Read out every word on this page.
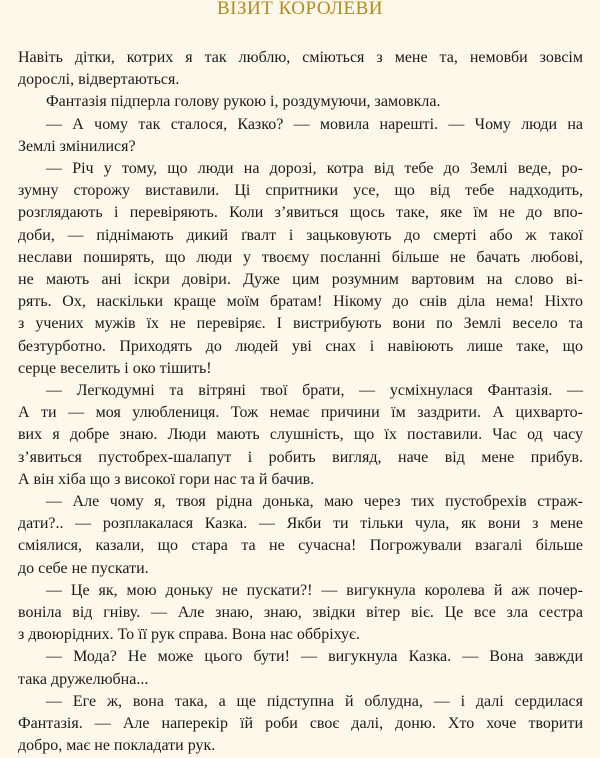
ВІЗИТ КОРОЛЕВИ

Навіть дітки, котрих я так люблю, сміються з мене та, немовби зовсім

дорослі, відвертаються.

Фантазія підперла голову рукою і, роздумуючи, замовкла.

— А чому так сталося, Казко? — мовила нарешті. — Чому люди на

Землі змінилися?

— Річ у тому, що люди на дорозі, котра від тебе до Землі веде, ро-

зумну сторожу виставили. Ці спритники усе, що від тебе надходить,

розглядають і перевіряють. Коли з’явиться щось таке, яке їм не до впо-

доби, — піднімають дикий ґвалт і зацьковують до смерті або ж такої

неслави поширять, що люди у твоєму посланні більше не бачать любові,

не мають ані іскри довіри. Дуже цим розумним вартовим на слово ві-

рять. Ох, наскільки краще моїм братам! Нікому до снів діла нема! Ніхто

з учених мужів їх не перевіряє. І вистрибують вони по Землі весело та

безтурботно. Приходять до людей уві снах і навіюють лише таке, що

серце веселить і око тішить!

— Легкодумні та вітряні твої брати, — усміхнулася Фантазія. —

А ти — моя улюблениця. Тож немає причини їм заздрити. А цихварто-

вих я добре знаю. Люди мають слушність, що їх поставили. Час од часу

з’явиться пустобрех-шалапут і робить вигляд, наче від мене прибув.

А він хіба що з високої гори нас та й бачив.

— Але чому я, твоя рідна донька, маю через тих пустобрехів страж-

дати?.. — розплакалася Казка. — Якби ти тільки чула, як вони з мене

сміялися, казали, що стара та не сучасна! Погрожували взагалі більше

до себе не пускати.

— Це як, мою доньку не пускати?! — вигукнула королева й аж почер-

воніла від гніву. — Але знаю, знаю, звідки вітер віє. Це все зла сестра

з двоюрідних. То її рук справа. Вона нас оббріхує.

— Мода? Не може цього бути! — вигукнула Казка. — Вона завжди

така дружелюбна...

— Еге ж, вона така, а ще підступна й облудна, — і далі сердилася

Фантазія. — Але наперекір їй роби своє далі, доню. Хто хоче творити

добро, має не покладати рук.
